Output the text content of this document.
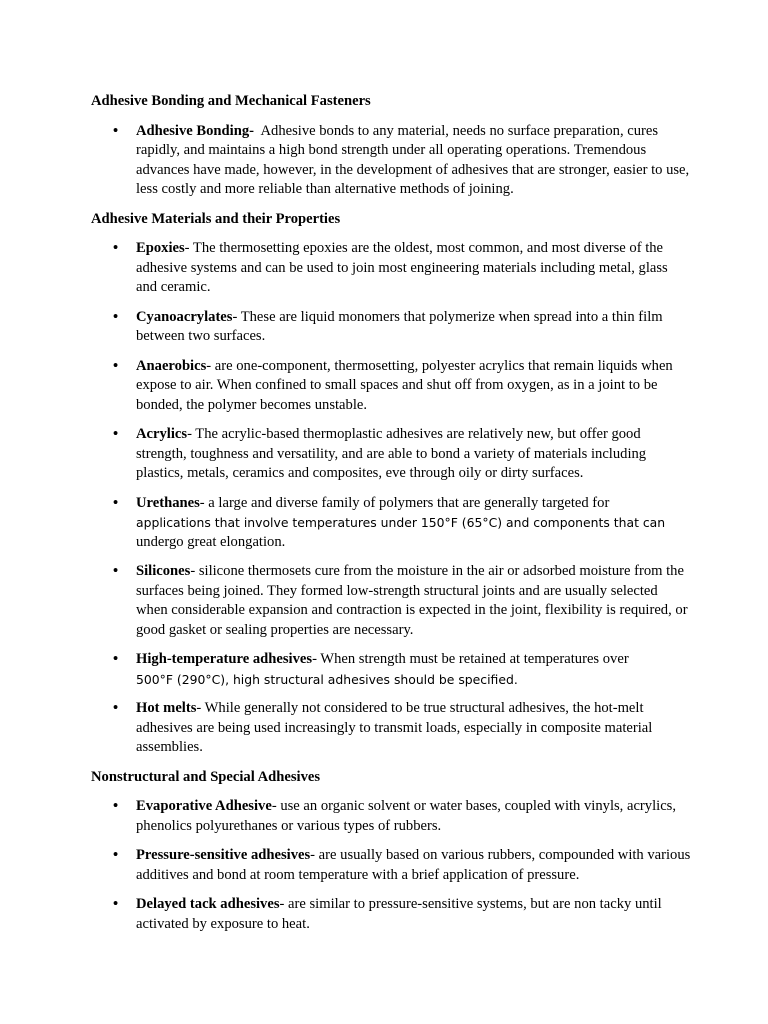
Adhesive Bonding and Mechanical Fasteners
• Adhesive Bonding-  Adhesive bonds to any material, needs no surface preparation, cures rapidly, and maintains a high bond strength under all operating operations. Tremendous advances have made, however, in the development of adhesives that are stronger, easier to use, less costly and more reliable than alternative methods of joining.
Adhesive Materials and their Properties
• Epoxies- The thermosetting epoxies are the oldest, most common, and most diverse of the adhesive systems and can be used to join most engineering materials including metal, glass and ceramic.
• Cyanoacrylates- These are liquid monomers that polymerize when spread into a thin film between two surfaces.
• Anaerobics- are one-component, thermosetting, polyester acrylics that remain liquids when expose to air. When confined to small spaces and shut off from oxygen, as in a joint to be bonded, the polymer becomes unstable.
• Acrylics- The acrylic-based thermoplastic adhesives are relatively new, but offer good strength, toughness and versatility, and are able to bond a variety of materials including plastics, metals, ceramics and composites, eve through oily or dirty surfaces.
• Urethanes- a large and diverse family of polymers that are generally targeted for
applications that involve temperatures under 150°F (65°C) and components that can
undergo great elongation.
• Silicones- silicone thermosets cure from the moisture in the air or adsorbed moisture from the surfaces being joined. They formed low-strength structural joints and are usually selected when considerable expansion and contraction is expected in the joint, flexibility is required, or good gasket or sealing properties are necessary.
• High-temperature adhesives- When strength must be retained at temperatures over
500°F (290°C), high structural adhesives should be specified.
• Hot melts- While generally not considered to be true structural adhesives, the hot-melt adhesives are being used increasingly to transmit loads, especially in composite material assemblies.
Nonstructural and Special Adhesives
• Evaporative Adhesive- use an organic solvent or water bases, coupled with vinyls, acrylics, phenolics polyurethanes or various types of rubbers.
• Pressure-sensitive adhesives- are usually based on various rubbers, compounded with various additives and bond at room temperature with a brief application of pressure.
• Delayed tack adhesives- are similar to pressure-sensitive systems, but are non tacky until activated by exposure to heat.
